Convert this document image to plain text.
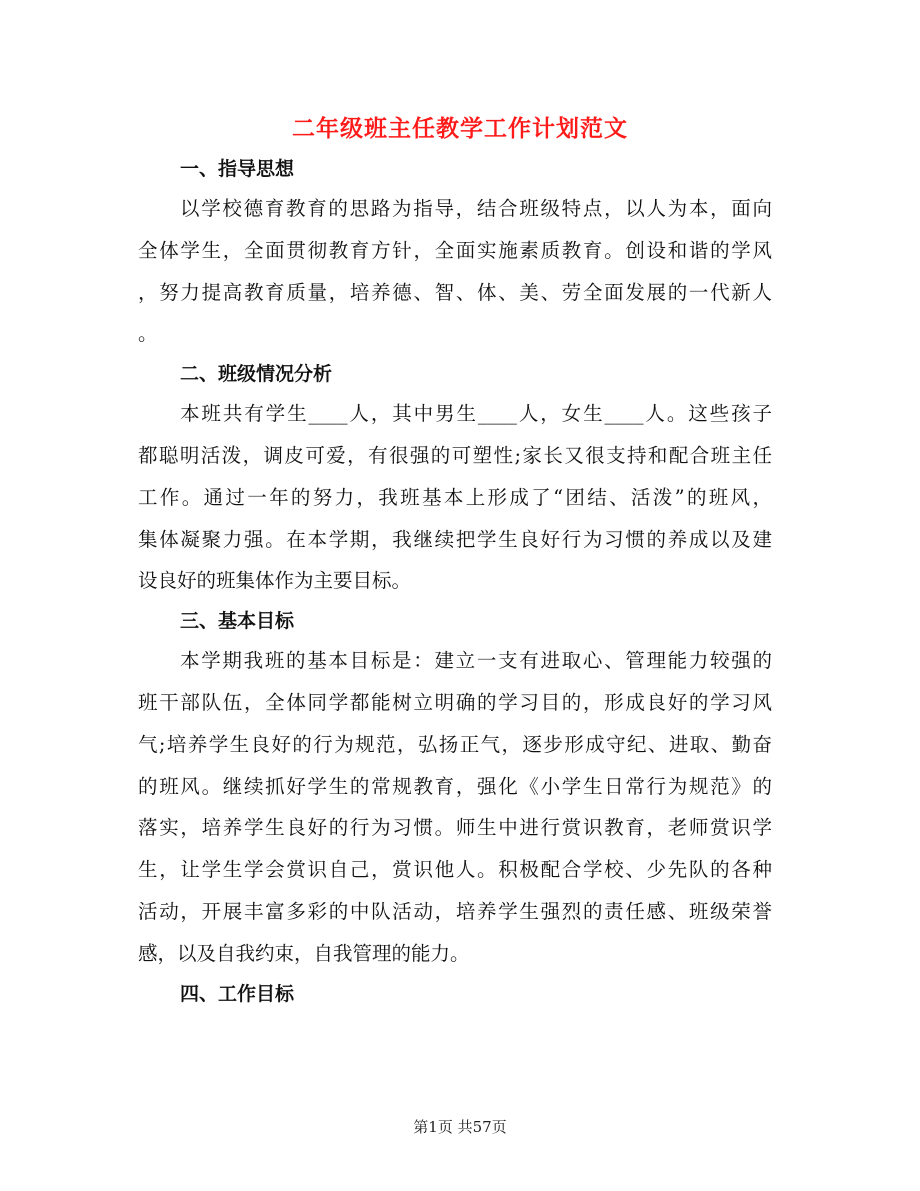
二年级班主任教学工作计划范文
一、指导思想
以学校德育教育的思路为指导，结合班级特点，以人为本，面向
全体学生，全面贯彻教育方针，全面实施素质教育。创设和谐的学风
，努力提高教育质量，培养德、智、体、美、劳全面发展的一代新人
。
二、班级情况分析
本班共有学生____人，其中男生____人，女生____人。这些孩子
都聪明活泼，调皮可爱，有很强的可塑性;家长又很支持和配合班主任
工作。通过一年的努力，我班基本上形成了“团结、活泼”的班风，
集体凝聚力强。在本学期，我继续把学生良好行为习惯的养成以及建
设良好的班集体作为主要目标。
三、基本目标
本学期我班的基本目标是：建立一支有进取心、管理能力较强的
班干部队伍，全体同学都能树立明确的学习目的，形成良好的学习风
气;培养学生良好的行为规范，弘扬正气，逐步形成守纪、进取、勤奋
的班风。继续抓好学生的常规教育，强化《小学生日常行为规范》的
落实，培养学生良好的行为习惯。师生中进行赏识教育，老师赏识学
生，让学生学会赏识自己，赏识他人。积极配合学校、少先队的各种
活动，开展丰富多彩的中队活动，培养学生强烈的责任感、班级荣誉
感，以及自我约束，自我管理的能力。
四、工作目标
第1页 共57页
